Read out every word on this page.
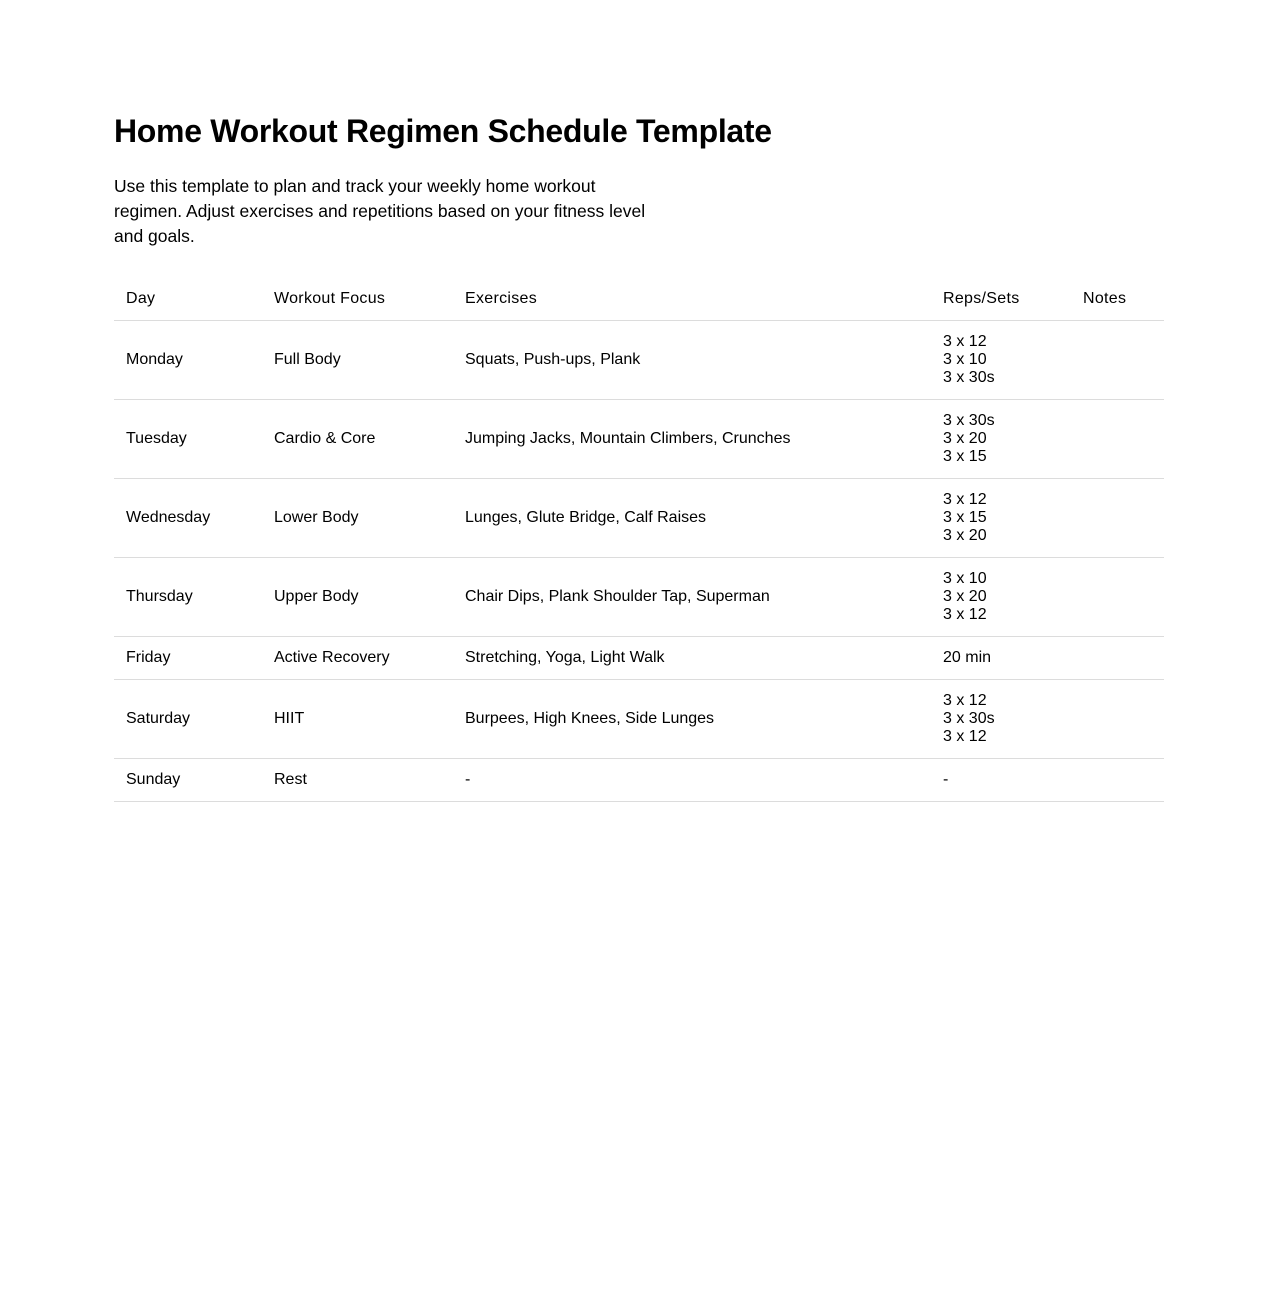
Home Workout Regimen Schedule Template

Use this template to plan and track your weekly home workout regimen. Adjust exercises and repetitions based on your fitness level and goals.

Day	Workout Focus	Exercises	Reps/Sets	Notes
Monday	Full Body	Squats, Push-ups, Plank	3 x 12
3 x 10
3 x 30s	

Tuesday	Cardio & Core	Jumping Jacks, Mountain Climbers, Crunches	3 x 30s
3 x 20
3 x 15	

Wednesday	Lower Body	Lunges, Glute Bridge, Calf Raises	3 x 12
3 x 15
3 x 20	

Thursday	Upper Body	Chair Dips, Plank Shoulder Tap, Superman	3 x 10
3 x 20
3 x 12	

Friday	Active Recovery	Stretching, Yoga, Light Walk	20 min	

Saturday	HIIT	Burpees, High Knees, Side Lunges	3 x 12
3 x 30s
3 x 12	

Sunday	Rest	-	-	
